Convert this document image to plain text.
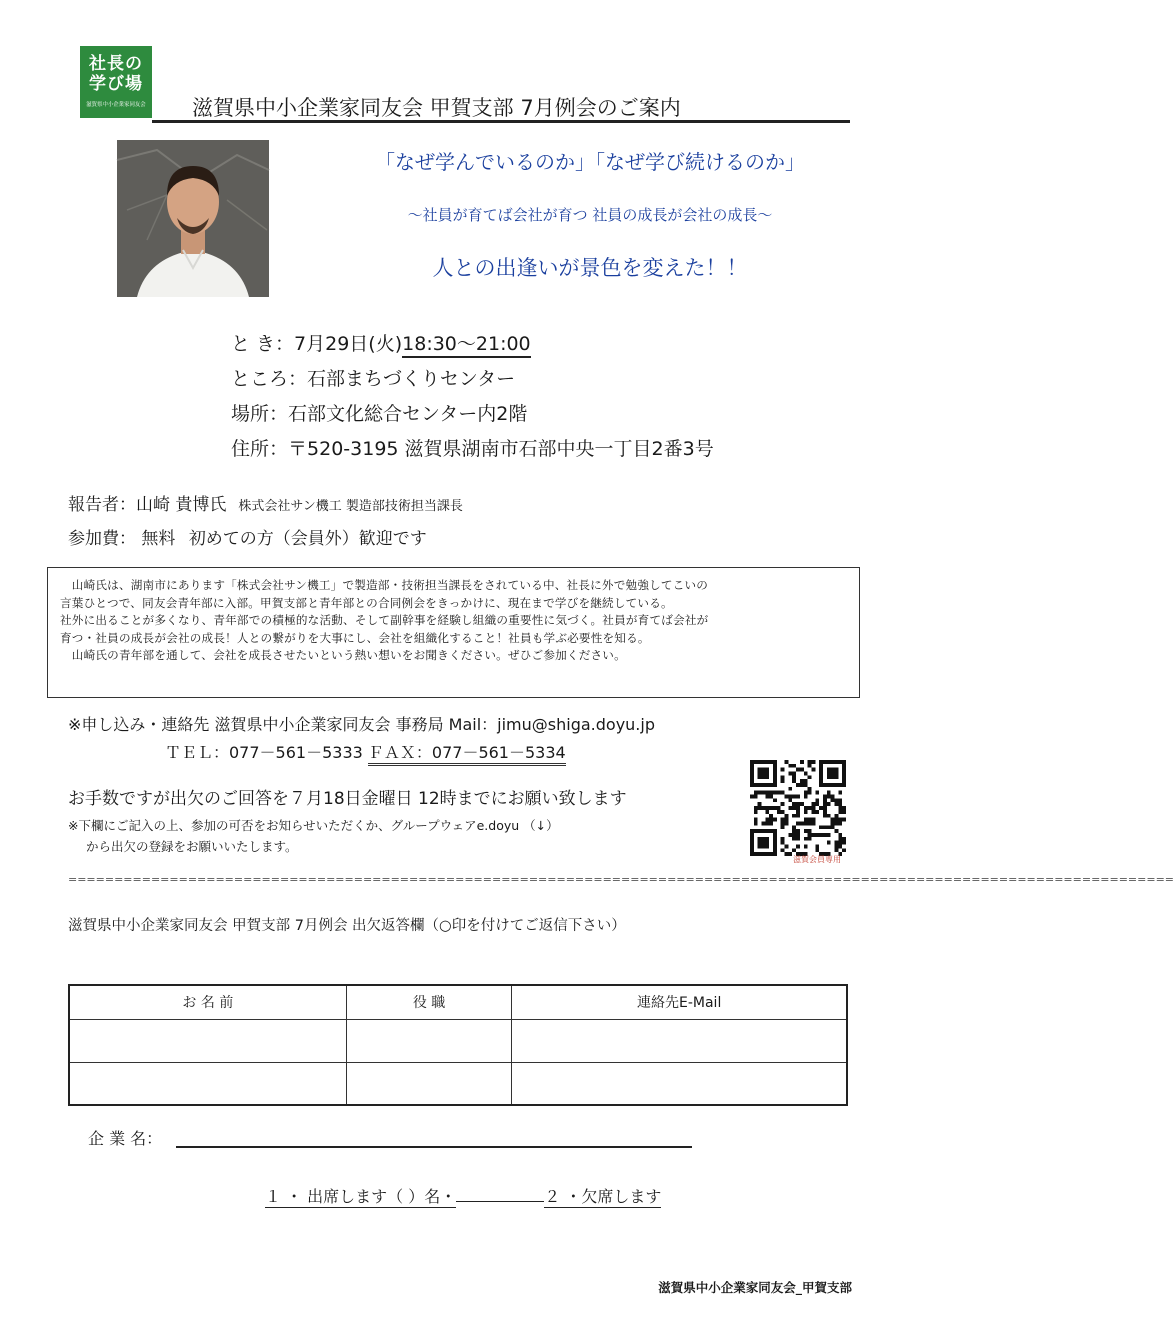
社長の
学び場
滋賀県中小企業家同友会 滋賀県中小企業家同友会 甲賀支部 7月例会のご案内
「なぜ学んでいるのか」「なぜ学び続けるのか」
～社員が育てば会社が育つ 社員の成長が会社の成長～
人との出逢いが景色を変えた！！
と き：7月29日(火)18:30～21:00
ところ：石部まちづくりセンター
場所：石部文化総合センター内2階
住所：〒520-3195 滋賀県湖南市石部中央一丁目2番3号
報告者：山崎 貴博氏 株式会社サン機工 製造部技術担当課長
参加費： 無料 初めての方（会員外）歓迎です

　山崎氏は、湖南市にあります「株式会社サン機工」で製造部・技術担当課長をされている中、社長に外で勉強してこいの

言葉ひとつで、同友会青年部に入部。甲賀支部と青年部との合同例会をきっかけに、現在まで学びを継続している。

社外に出ることが多くなり、青年部での積極的な活動、そして副幹事を経験し組織の重要性に気づく。社員が育てば会社が

育つ・社員の成長が会社の成長！人との繋がりを大事にし、会社を組織化すること！社員も学ぶ必要性を知る。

　山崎氏の青年部を通して、会社を成長させたいという熱い想いをお聞きください。ぜひご参加ください。

※申し込み・連絡先 滋賀県中小企業家同友会 事務局 Mail：jimu@shiga.doyu.jp
ＴＥＬ：077－561－5333 ＦＡＸ：077－561－5334
お手数ですが出欠のご回答を７月18日金曜日 12時までにお願い致します
※下欄にご記入の上、参加の可否をお知らせいただくか、グループウェアe.doyu （↓）
から出欠の登録をお願いいたします。
滋賀会員専用
========================================================================================================================
滋賀県中小企業家同友会 甲賀支部 7月例会 出欠返答欄（○印を付けてご返信下さい）
お 名 前	役 職	連絡先E-Mail

企 業 名：
１ ・ 出席します（ ）名・	２ ・欠席します
滋賀県中小企業家同友会_甲賀支部
